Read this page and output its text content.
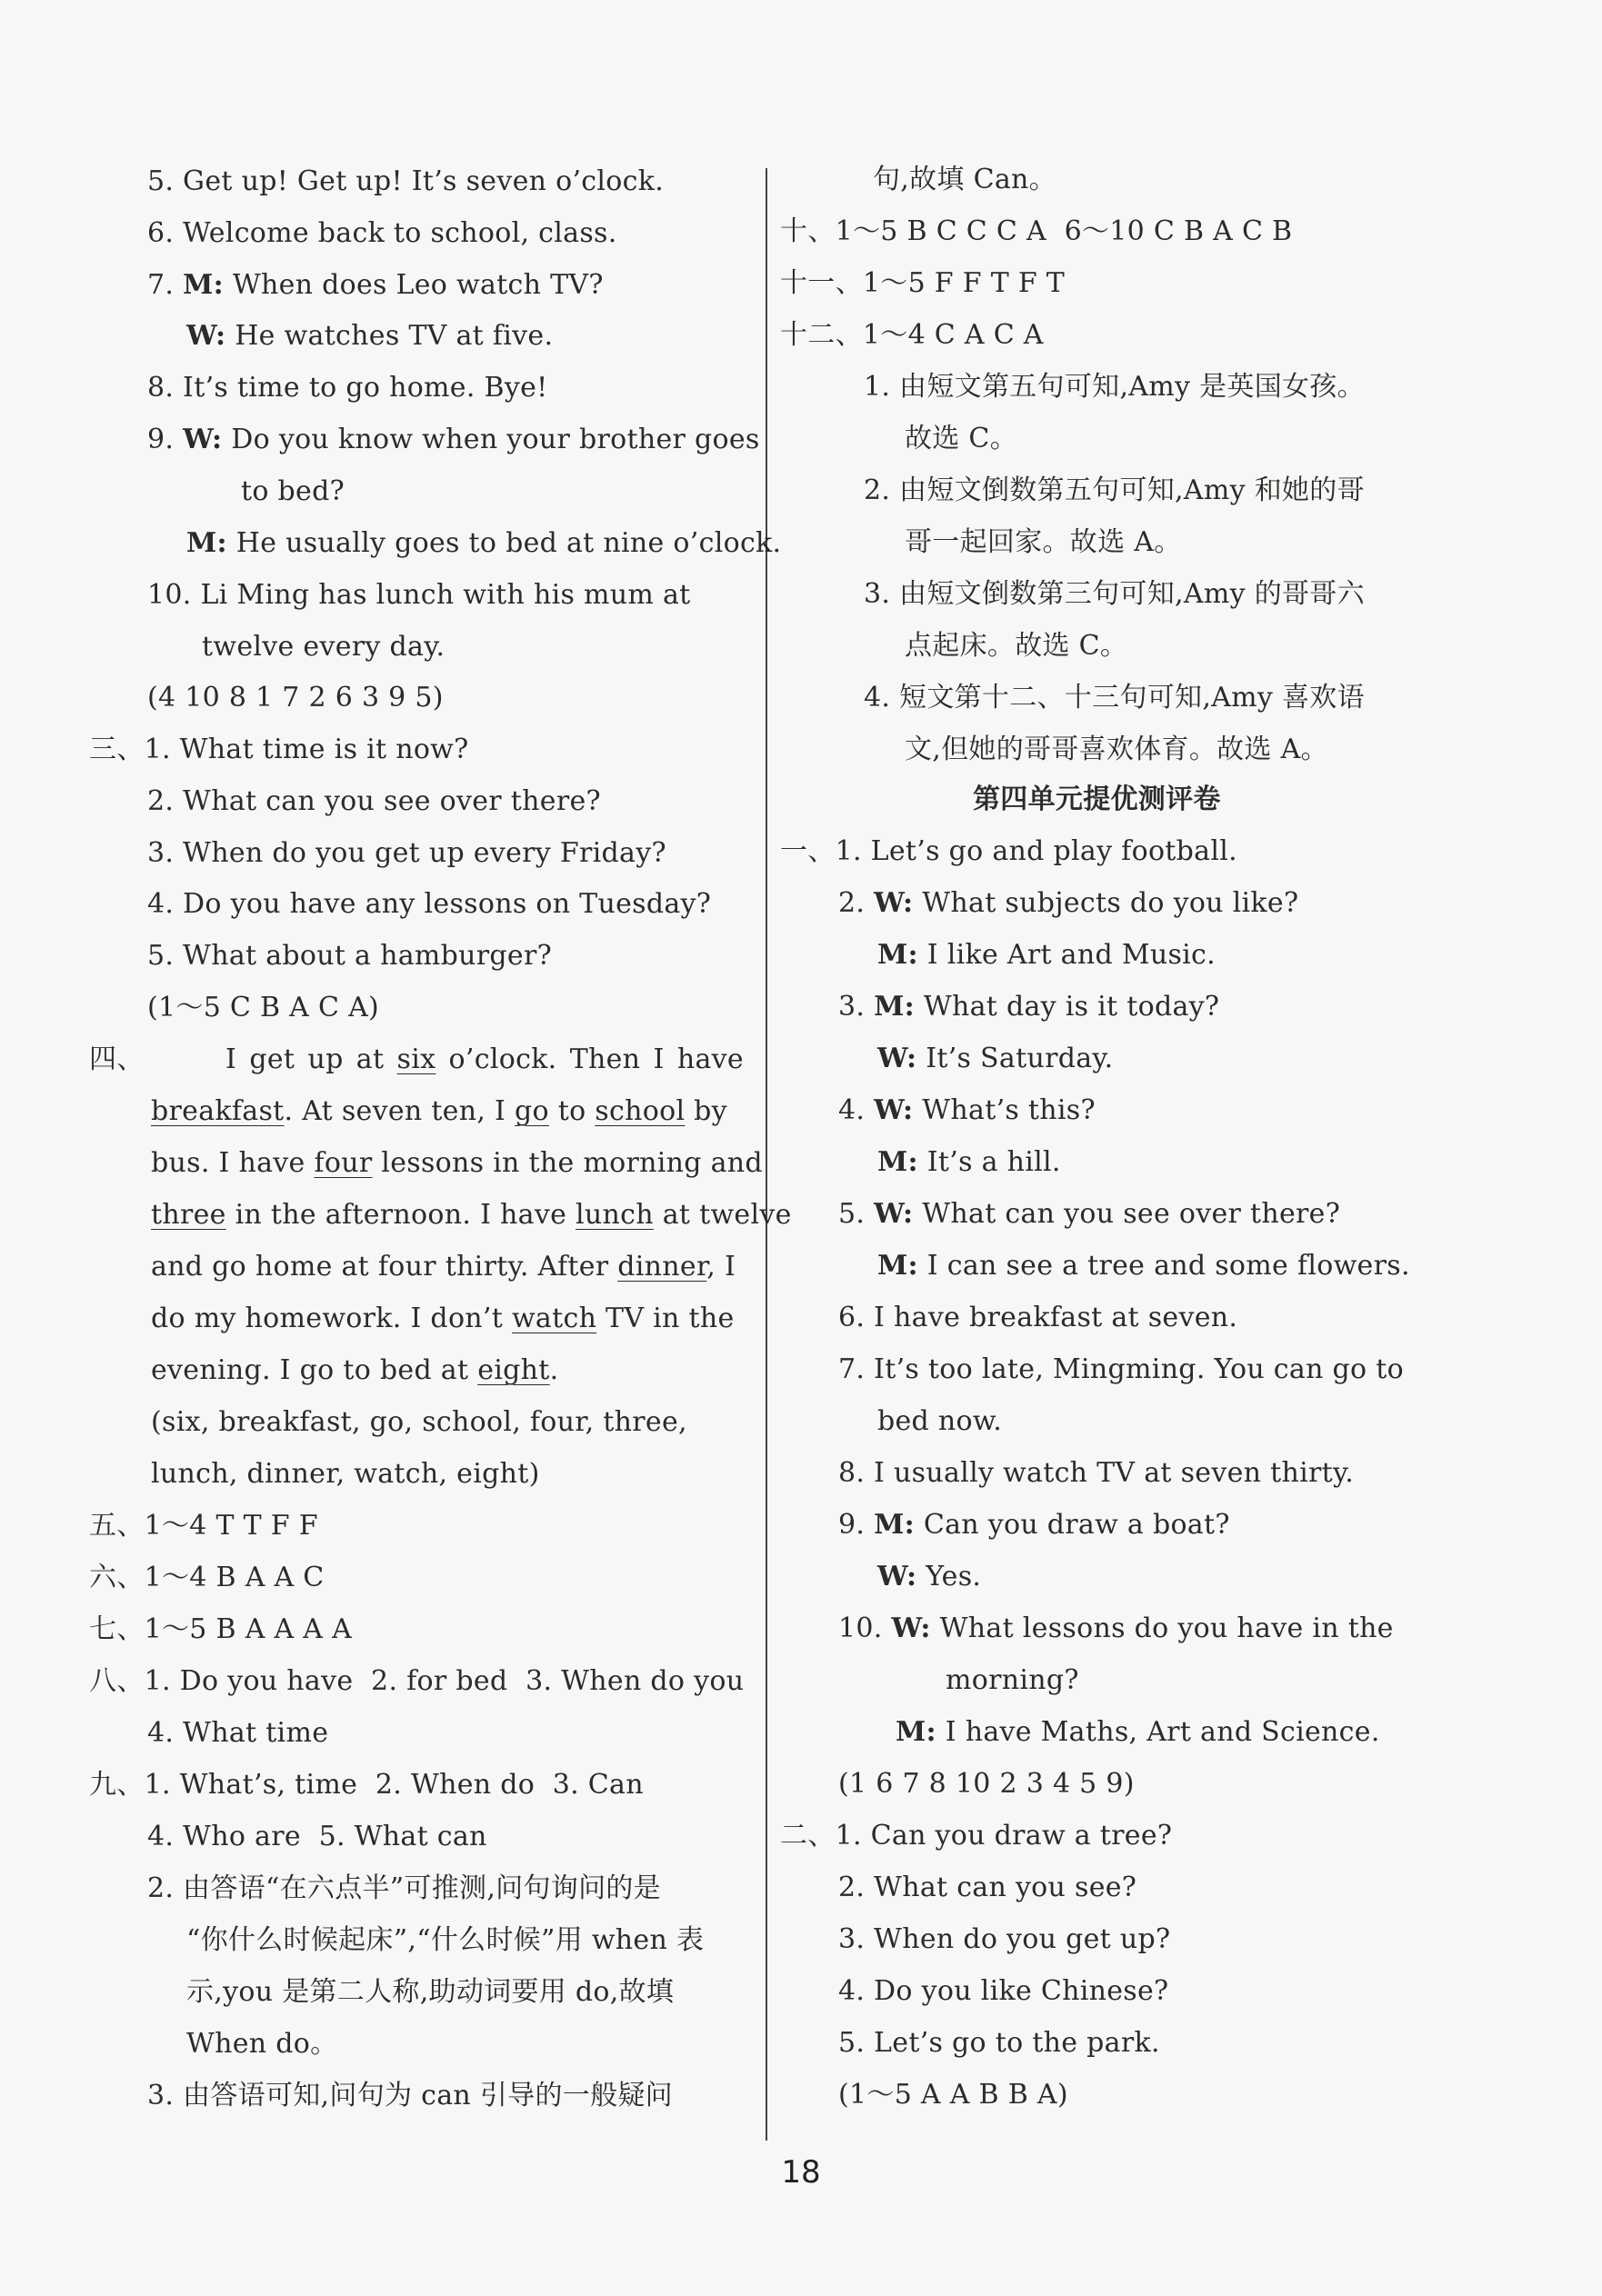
5. Get up! Get up! It’s seven o’clock.
6. Welcome back to school, class.
7. M: When does Leo watch TV?
W: He watches TV at five.
8. It’s time to go home. Bye!
9. W: Do you know when your brother goes
to bed?
M: He usually goes to bed at nine o’clock.
10. Li Ming has lunch with his mum at
twelve every day.
(4 10 8 1 7 2 6 3 9 5)
三、1. What time is it now?
2. What can you see over there?
3. When do you get up every Friday?
4. Do you have any lessons on Tuesday?
5. What about a hamburger?
(1～5 C B A C A)
四、	I get up at six o’clock. Then I have
breakfast. At seven ten, I go to school by
bus. I have four lessons in the morning and
three in the afternoon. I have lunch at twelve
and go home at four thirty. After dinner, I
do my homework. I don’t watch TV in the
evening. I go to bed at eight.
(six, breakfast, go, school, four, three,
lunch, dinner, watch, eight)
五、1～4 T T F F
六、1～4 B A A C
七、1～5 B A A A A
八、1. Do you have  2. for bed  3. When do you
4. What time
九、1. What’s, time  2. When do  3. Can
4. Who are  5. What can
2. 由答语“在六点半”可推测,问句询问的是
“你什么时候起床”,“什么时候”用 when 表
示,you 是第二人称,助动词要用 do,故填
When do。
3. 由答语可知,问句为 can 引导的一般疑问
句,故填 Can。
十、1～5 B C C C A  6～10 C B A C B
十一、1～5 F F T F T
十二、1～4 C A C A
1. 由短文第五句可知,Amy 是英国女孩。
故选 C。
2. 由短文倒数第五句可知,Amy 和她的哥
哥一起回家。故选 A。
3. 由短文倒数第三句可知,Amy 的哥哥六
点起床。故选 C。
4. 短文第十二、十三句可知,Amy 喜欢语
文,但她的哥哥喜欢体育。故选 A。
第四单元提优测评卷
一、1. Let’s go and play football.
2. W: What subjects do you like?
M: I like Art and Music.
3. M: What day is it today?
W: It’s Saturday.
4. W: What’s this?
M: It’s a hill.
5. W: What can you see over there?
M: I can see a tree and some flowers.
6. I have breakfast at seven.
7. It’s too late, Mingming. You can go to
bed now.
8. I usually watch TV at seven thirty.
9. M: Can you draw a boat?
W: Yes.
10. W: What lessons do you have in the
morning?
M: I have Maths, Art and Science.
(1 6 7 8 10 2 3 4 5 9)
二、1. Can you draw a tree?
2. What can you see?
3. When do you get up?
4. Do you like Chinese?
5. Let’s go to the park.
(1～5 A A B B A)
18
